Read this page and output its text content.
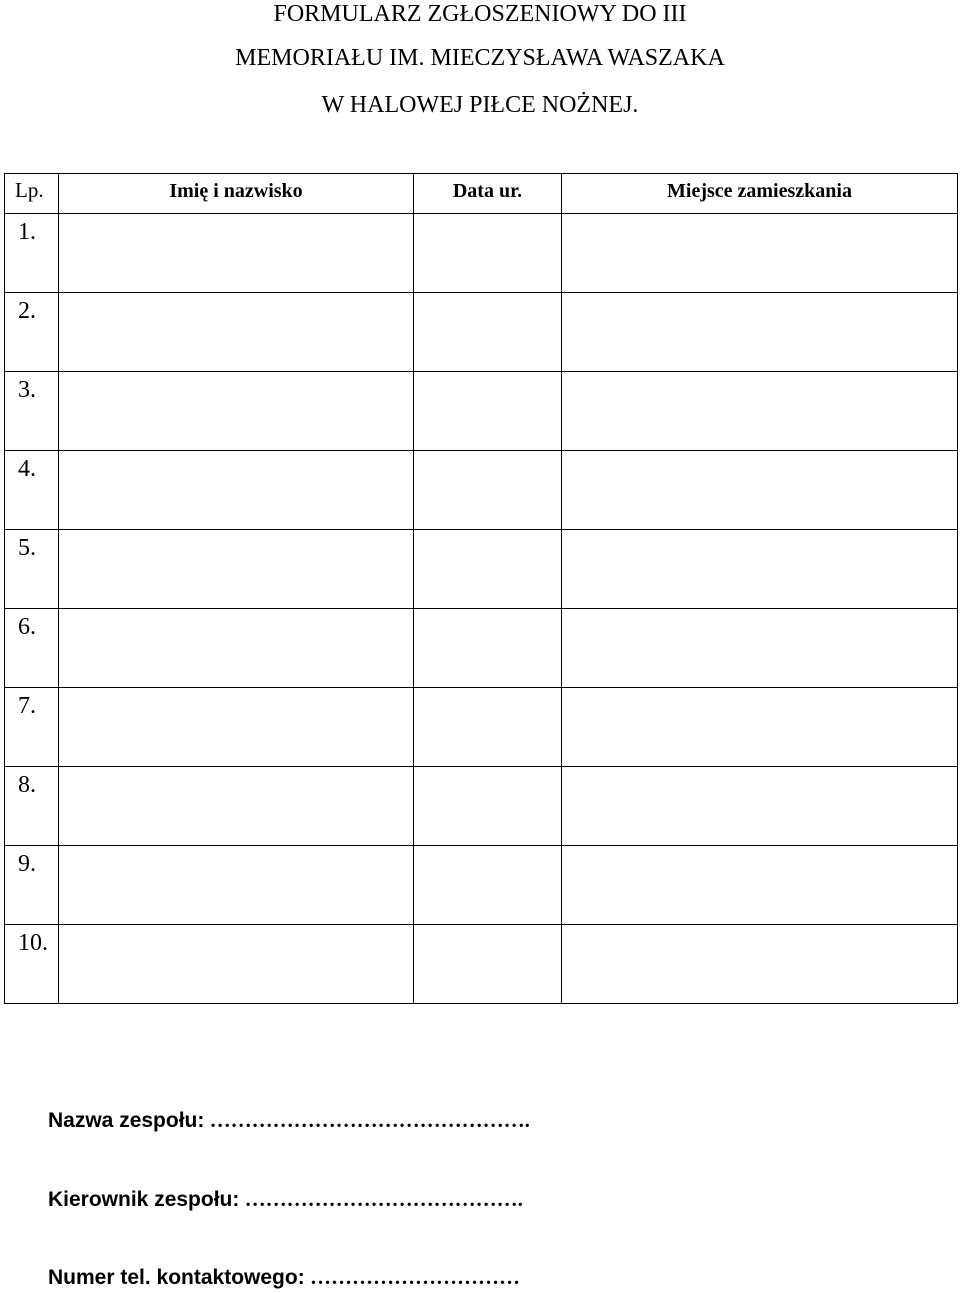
FORMULARZ ZGŁOSZENIOWY DO III
MEMORIAŁU IM. MIECZYSŁAWA WASZAKA
W HALOWEJ PIŁCE NOŻNEJ.
Lp.	Imię i nazwisko	Data ur.	Miejsce zamieszkania
1.			
2.			
3.			
4.			
5.			
6.			
7.			
8.			
9.			
10.			
Nazwa zespołu: ……………………………………….
Kierownik zespołu: ………………………………….
Numer tel. kontaktowego: …………………………
